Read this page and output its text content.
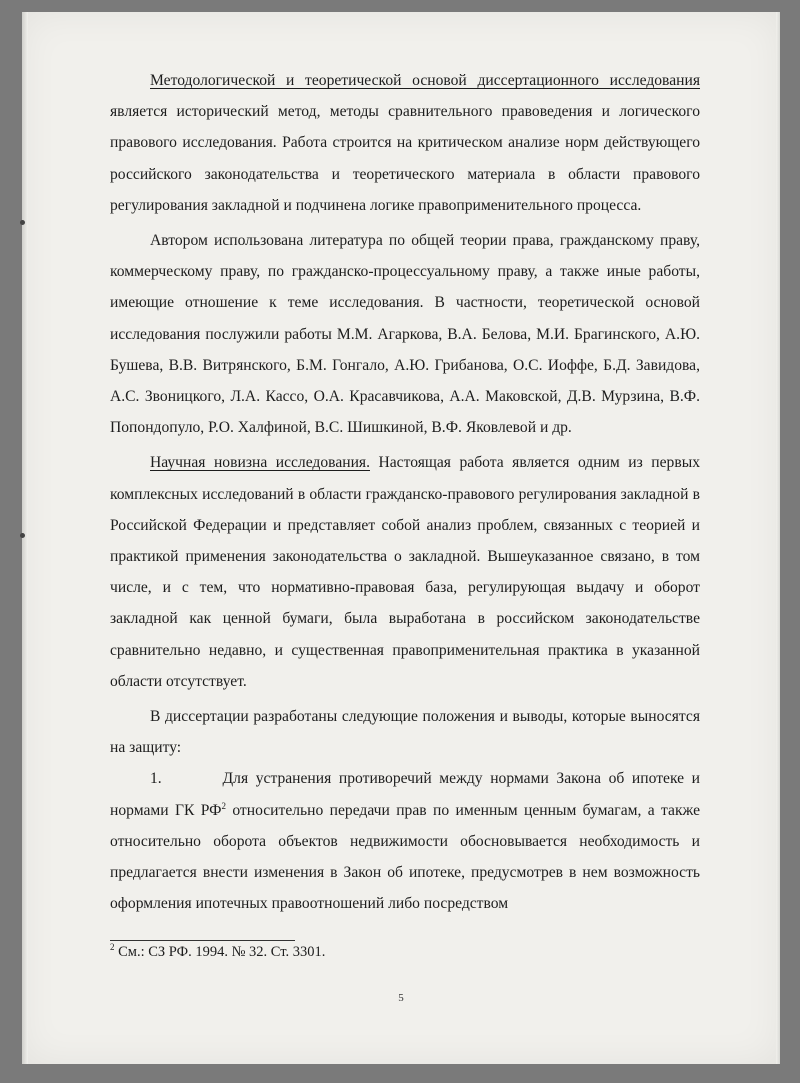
Методологической и теоретической основой диссертационного исследования является исторический метод, методы сравнительного правоведения и логического правового исследования. Работа строится на критическом анализе норм действующего российского законодательства и теоретического материала в области правового регулирования закладной и подчинена логике правоприменительного процесса.

Автором использована литература по общей теории права, гражданскому праву, коммерческому праву, по гражданско-процессуальному праву, а также иные работы, имеющие отношение к теме исследования. В частности, теоретической основой исследования послужили работы М.М. Агаркова, В.А. Белова, М.И. Брагинского, А.Ю. Бушева, В.В. Витрянского, Б.М. Гонгало, А.Ю. Грибанова, О.С. Иоффе, Б.Д. Завидова, А.С. Звоницкого, Л.А. Кассо, О.А. Красавчикова, А.А. Маковской, Д.В. Мурзина, В.Ф. Попондопуло, Р.О. Халфиной, В.С. Шишкиной, В.Ф. Яковлевой и др.

Научная новизна исследования. Настоящая работа является одним из первых комплексных исследований в области гражданско-правового регулирования закладной в Российской Федерации и представляет собой анализ проблем, связанных с теорией и практикой применения законодательства о закладной. Вышеуказанное связано, в том числе, и с тем, что нормативно-правовая база, регулирующая выдачу и оборот закладной как ценной бумаги, была выработана в российском законодательстве сравнительно недавно, и существенная правоприменительная практика в указанной области отсутствует.

В диссертации разработаны следующие положения и выводы, которые выносятся на защиту:

1.	Для устранения противоречий между нормами Закона об ипотеке и нормами ГК $РФ^2$ относительно передачи прав по именным ценным бумагам, а также относительно оборота объектов недвижимости обосновывается необходимость и предлагается внести изменения в Закон об ипотеке, предусмотрев в нем возможность оформления ипотечных правоотношений либо посредством

$^2$ См.: СЗ РФ. 1994. № 32. Ст. 3301.
5
